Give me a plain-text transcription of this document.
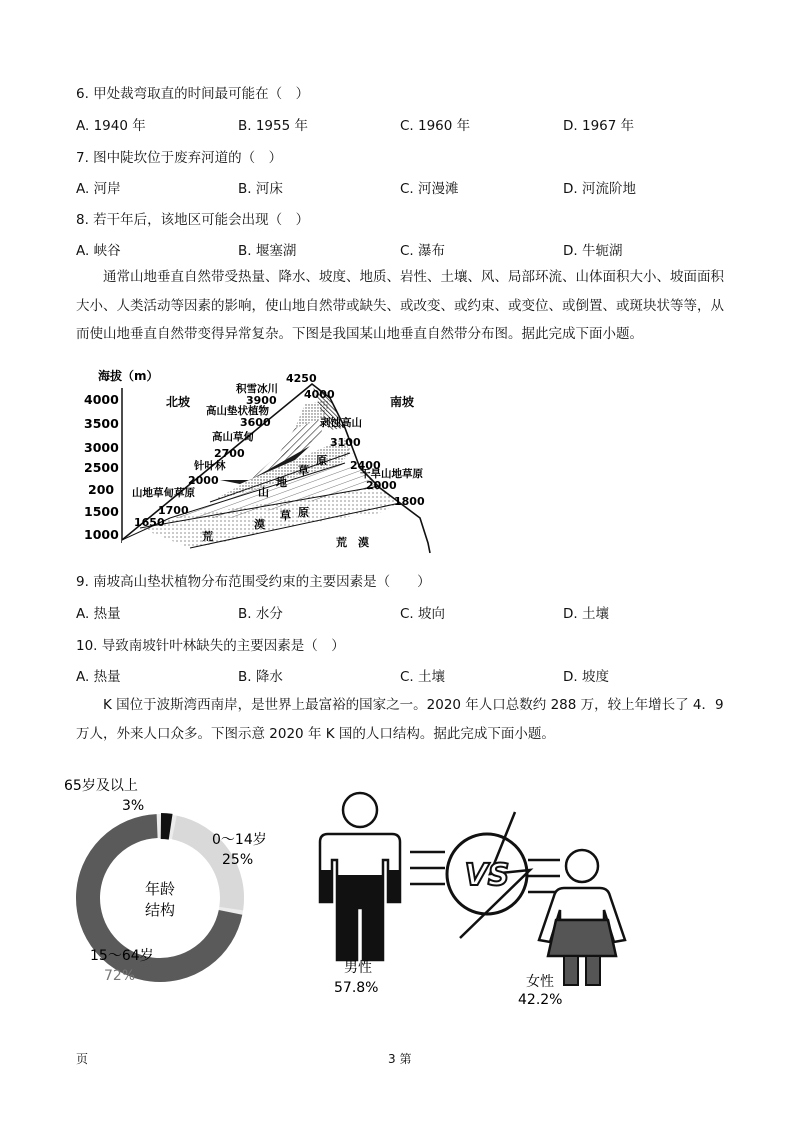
6. 甲处裁弯取直的时间最可能在（　）
A. 1940 年	B. 1955 年	C. 1960 年	D. 1967 年
7. 图中陡坎位于废弃河道的（　）
A. 河岸	B. 河床	C. 河漫滩	D. 河流阶地
8. 若干年后，该地区可能会出现（　）
A. 峡谷	B. 堰塞湖	C. 瀑布	D. 牛轭湖
通常山地垂直自然带受热量、降水、坡度、地质、岩性、土壤、风、局部环流、山体面积大小、坡面面积大小、人类活动等因素的影响，使山地自然带或缺失、或改变、或约束、或变位、或倒置、或斑块状等等，从而使山地垂直自然带变得异常复杂。下图是我国某山地垂直自然带分布图。据此完成下面小题。
海拔（m）
4000
3500
3000
2500
200
1500
1000
北坡	南坡
4250
积雪冰川 4000
3900
高山垫状植物
3600	剥蚀高山
高山草甸	3100
2700
针叶林	2400
干旱山地草原
2000	2000
山地草甸草原
1800
1700
1650
山
地
草
原
漠
草 原
荒	荒　漠
9. 南坡高山垫状植物分布范围受约束的主要因素是（　　）
A. 热量	B. 水分	C. 坡向	D. 土壤
10. 导致南坡针叶林缺失的主要因素是（　）
A. 热量	B. 降水	C. 土壤	D. 坡度
K 国位于波斯湾西南岸，是世界上最富裕的国家之一。2020 年人口总数约 288 万，较上年增长了 4．9 万人，外来人口众多。下图示意 2020 年 K 国的人口结构。据此完成下面小题。
年龄
结构
65岁及以上
3%
0～14岁
25%
15～64岁
72%	男性
57.8%
VS
女性
42.2%
页	3 第
